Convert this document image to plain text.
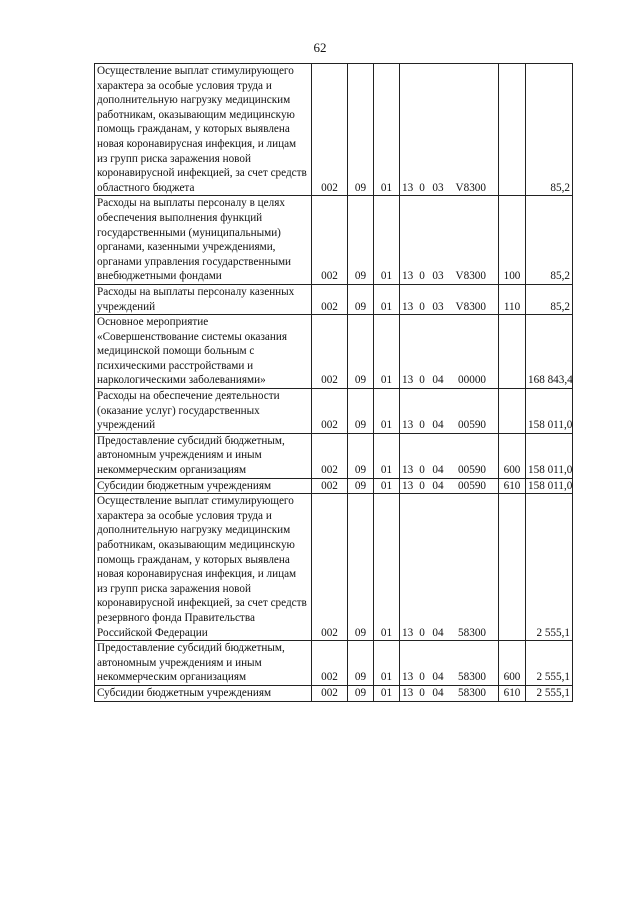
62
Осуществление выплат стимулирующего характера за особые условия труда и дополнительную нагрузку медицинским работникам, оказывающим медицинскую помощь гражданам, у которых выявлена новая коронавирусная инфекция, и лицам из групп риска заражения новой коронавирусной инфекцией, за счет средств областного бюджета	002	09	01	13 0 03 V8300		85,2
Расходы на выплаты персоналу в целях обеспечения выполнения функций государственными (муниципальными) органами, казенными учреждениями, органами управления государственными внебюджетными фондами	002	09	01	13 0 03 V8300	100	85,2
Расходы на выплаты персоналу казенных учреждений	002	09	01	13 0 03 V8300	110	85,2
Основное мероприятие «Совершенствование системы оказания медицинской помощи больным с психическими расстройствами и наркологическими заболеваниями»	002	09	01	13 0 04 00000		168 843,4
Расходы на обеспечение деятельности (оказание услуг) государственных учреждений	002	09	01	13 0 04 00590		158 011,0
Предоставление субсидий бюджетным, автономным учреждениям и иным некоммерческим организациям	002	09	01	13 0 04 00590	600	158 011,0
Субсидии бюджетным учреждениям	002	09	01	13 0 04 00590	610	158 011,0
Осуществление выплат стимулирующего характера за особые условия труда и дополнительную нагрузку медицинским работникам, оказывающим медицинскую помощь гражданам, у которых выявлена новая коронавирусная инфекция, и лицам из групп риска заражения новой коронавирусной инфекцией, за счет средств резервного фонда Правительства Российской Федерации	002	09	01	13 0 04 58300		2 555,1
Предоставление субсидий бюджетным, автономным учреждениям и иным некоммерческим организациям	002	09	01	13 0 04 58300	600	2 555,1
Субсидии бюджетным учреждениям	002	09	01	13 0 04 58300	610	2 555,1
